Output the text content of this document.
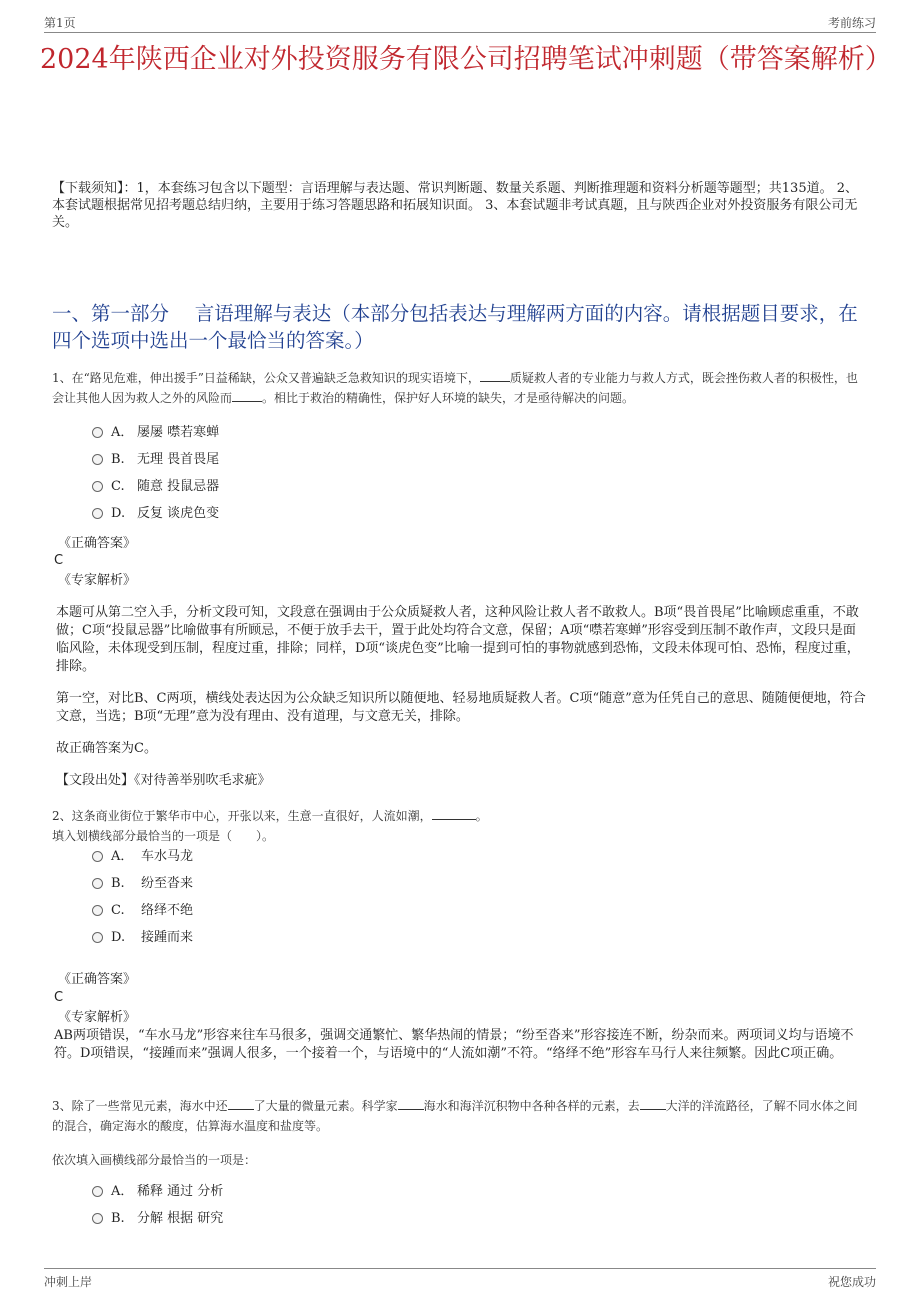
第1页	考前练习
2024年陕西企业对外投资服务有限公司招聘笔试冲刺题（带答案解析）
【下载须知】：1，本套练习包含以下题型：言语理解与表达题、常识判断题、数量关系题、判断推理题和资料分析题等题型；共135道。 2、本套试题根据常见招考题总结归纳，主要用于练习答题思路和拓展知识面。 3、本套试题非考试真题，且与陕西企业对外投资服务有限公司无关。
一、第一部分　 言语理解与表达（本部分包括表达与理解两方面的内容。请根据题目要求，在四个选项中选出一个最恰当的答案。）
1、在“路见危难，伸出援手”日益稀缺，公众又普遍缺乏急救知识的现实语境下，	质疑救人者的专业能力与救人方式，既会挫伤救人者的积极性，也会让其他人因为救人之外的风险而	。相比于救治的精确性，保护好人环境的缺失，才是亟待解决的问题。
A． 屡屡 噤若寒蝉
B. 无理 畏首畏尾
C. 随意 投鼠忌器
D. 反复 谈虎色变
《正确答案》
C
《专家解析》
本题可从第二空入手，分析文段可知，文段意在强调由于公众质疑救人者，这种风险让救人者不敢救人。B项“畏首畏尾”比喻顾虑重重，不敢做；C项“投鼠忌器”比喻做事有所顾忌，不便于放手去干，置于此处均符合文意，保留；A项“噤若寒蝉”形容受到压制不敢作声，文段只是面临风险，未体现受到压制，程度过重，排除；同样，D项“谈虎色变”比喻一提到可怕的事物就感到恐怖，文段未体现可怕、恐怖，程度过重，排除。
第一空，对比B、C两项，横线处表达因为公众缺乏知识所以随便地、轻易地质疑救人者。C项“随意”意为任凭自己的意思、随随便便地，符合文意，当选；B项“无理”意为没有理由、没有道理，与文意无关，排除。
故正确答案为C。
【文段出处】《对待善举别吹毛求疵》
2、这条商业街位于繁华市中心，开张以来，生意一直很好，人流如潮，	。
填入划横线部分最恰当的一项是（　　）。
A． 车水马龙
B. 纷至沓来
C. 络绎不绝
D. 接踵而来
《正确答案》
C
《专家解析》
AB两项错误，“车水马龙”形容来往车马很多，强调交通繁忙、繁华热闹的情景；“纷至沓来”形容接连不断，纷杂而来。两项词义均与语境不符。D项错误，“接踵而来”强调人很多，一个接着一个，与语境中的“人流如潮”不符。“络绎不绝”形容车马行人来往频繁。因此C项正确。
3、除了一些常见元素，海水中还 了大量的微量元素。科学家 海水和海洋沉积物中各种各样的元素，去 大洋的洋流路径，了解不同水体之间的混合，确定海水的酸度，估算海水温度和盐度等。
依次填入画横线部分最恰当的一项是：
A． 稀释 通过 分析
B. 分解 根据 研究
冲刺上岸	祝您成功
